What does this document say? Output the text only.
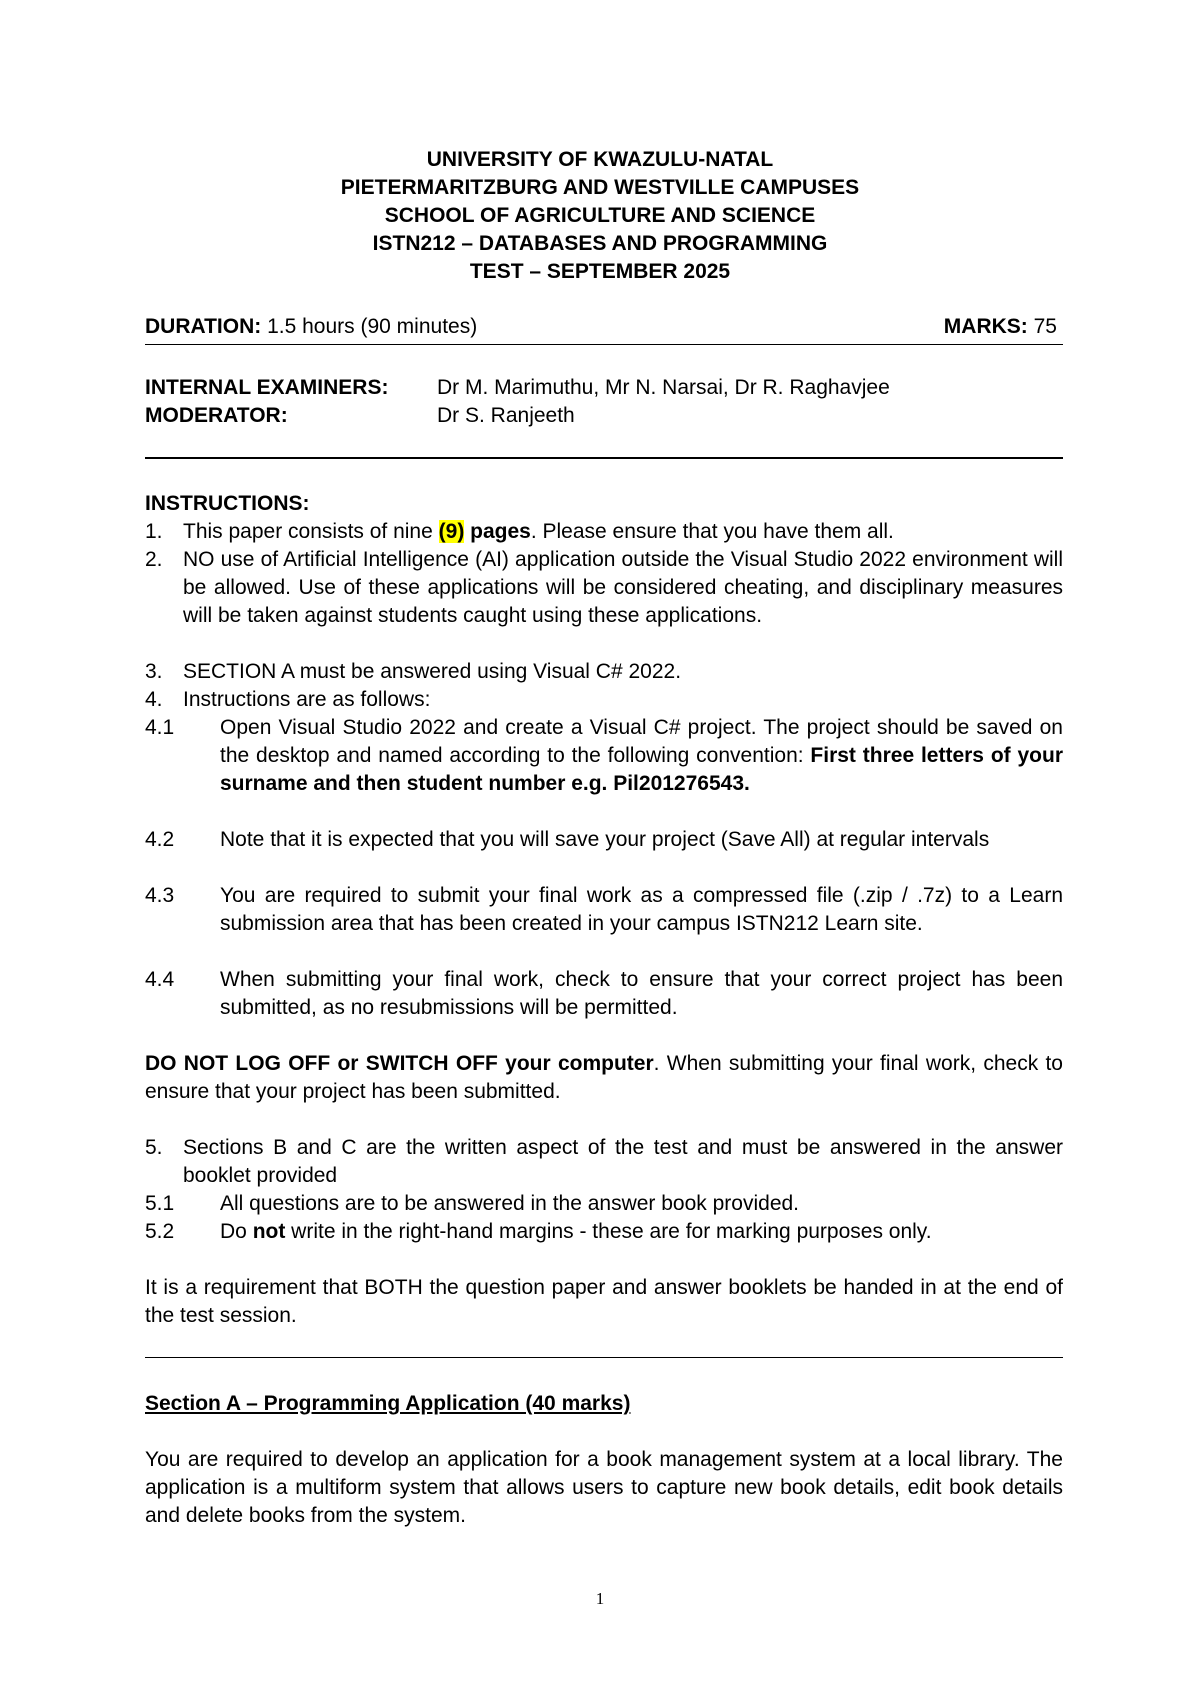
UNIVERSITY OF KWAZULU-NATAL
PIETERMARITZBURG AND WESTVILLE CAMPUSES
SCHOOL OF AGRICULTURE AND SCIENCE
ISTN212 – DATABASES AND PROGRAMMING
TEST – SEPTEMBER 2025
DURATION: 1.5 hours (90 minutes)	MARKS: 75
INTERNAL EXAMINERS: Dr M. Marimuthu, Mr N. Narsai, Dr R. Raghavjee
MODERATOR:	Dr S. Ranjeeth
INSTRUCTIONS:
1. This paper consists of nine (9) pages. Please ensure that you have them all.
2. NO use of Artificial Intelligence (AI) application outside the Visual Studio 2022 environment will be allowed. Use of these applications will be considered cheating, and disciplinary measures will be taken against students caught using these applications.
3. SECTION A must be answered using Visual C# 2022.
4. Instructions are as follows:
4.1 Open Visual Studio 2022 and create a Visual C# project. The project should be saved on the desktop and named according to the following convention: First three letters of your surname and then student number e.g. Pil201276543.
4.2 Note that it is expected that you will save your project (Save All) at regular intervals
4.3 You are required to submit your final work as a compressed file (.zip / .7z) to a Learn submission area that has been created in your campus ISTN212 Learn site.
4.4 When submitting your final work, check to ensure that your correct project has been submitted, as no resubmissions will be permitted.
DO NOT LOG OFF or SWITCH OFF your computer. When submitting your final work, check to ensure that your project has been submitted.
5. Sections B and C are the written aspect of the test and must be answered in the answer booklet provided
5.1 All questions are to be answered in the answer book provided.
5.2 Do not write in the right-hand margins - these are for marking purposes only.
It is a requirement that BOTH the question paper and answer booklets be handed in at the end of the test session.
Section A – Programming Application (40 marks)
You are required to develop an application for a book management system at a local library. The application is a multiform system that allows users to capture new book details, edit book details and delete books from the system.
1
